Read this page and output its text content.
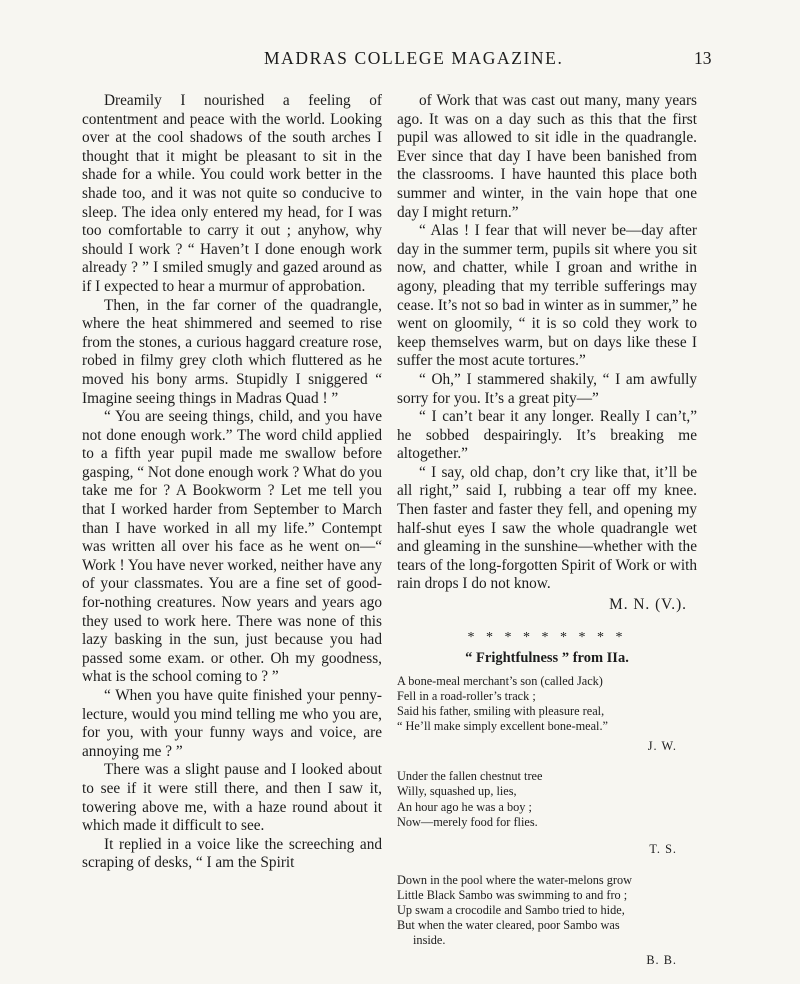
MADRAS COLLEGE MAGAZINE.	13

Dreamily I nourished a feeling of contentment and peace with the world. Looking over at the cool shadows of the south arches I thought that it might be pleasant to sit in the shade for a while. You could work better in the shade too, and it was not quite so conducive to sleep. The idea only entered my head, for I was too comfortable to carry it out ; anyhow, why should I work ? “ Haven’t I done enough work already ? ” I smiled smugly and gazed around as if I expected to hear a murmur of approbation.

Then, in the far corner of the quadrangle, where the heat shimmered and seemed to rise from the stones, a curious haggard creature rose, robed in filmy grey cloth which fluttered as he moved his bony arms. Stupidly I sniggered “ Imagine seeing things in Madras Quad ! ”

“ You are seeing things, child, and you have not done enough work.” The word child applied to a fifth year pupil made me swallow before gasping, “ Not done enough work ? What do you take me for ? A Bookworm ? Let me tell you that I worked harder from September to March than I have worked in all my life.” Contempt was written all over his face as he went on—“ Work ! You have never worked, neither have any of your classmates. You are a fine set of good-for-nothing creatures. Now years and years ago they used to work here. There was none of this lazy basking in the sun, just because you had passed some exam. or other. Oh my goodness, what is the school coming to ? ”

“ When you have quite finished your penny-lecture, would you mind telling me who you are, for you, with your funny ways and voice, are annoying me ? ”

There was a slight pause and I looked about to see if it were still there, and then I saw it, towering above me, with a haze round about it which made it difficult to see.

It replied in a voice like the screeching and scraping of desks, “ I am the Spirit

of Work that was cast out many, many years ago. It was on a day such as this that the first pupil was allowed to sit idle in the quadrangle. Ever since that day I have been banished from the classrooms. I have haunted this place both summer and winter, in the vain hope that one day I might return.”

“ Alas ! I fear that will never be—day after day in the summer term, pupils sit where you sit now, and chatter, while I groan and writhe in agony, pleading that my terrible sufferings may cease. It’s not so bad in winter as in summer,” he went on gloomily, “ it is so cold they work to keep themselves warm, but on days like these I suffer the most acute tortures.”

“ Oh,” I stammered shakily, “ I am awfully sorry for you. It’s a great pity—”

“ I can’t bear it any longer. Really I can’t,” he sobbed despairingly. It’s breaking me altogether.”

“ I say, old chap, don’t cry like that, it’ll be all right,” said I, rubbing a tear off my knee. Then faster and faster they fell, and opening my half-shut eyes I saw the whole quadrangle wet and gleaming in the sunshine—whether with the tears of the long-forgotten Spirit of Work or with rain drops I do not know.

M. N. (V.).
* * * * * * * * *
“ Frightfulness ” from IIa.
A bone-meal merchant’s son (called Jack)
Fell in a road-roller’s track ;
Said his father, smiling with pleasure real,
“ He’ll make simply excellent bone-meal.”
J. W.
Under the fallen chestnut tree
Willy, squashed up, lies,
An hour ago he was a boy ;
Now—merely food for flies.
T. S.
Down in the pool where the water-melons grow
Little Black Sambo was swimming to and fro ;
Up swam a crocodile and Sambo tried to hide,
But when the water cleared, poor Sambo was
inside.
B. B.
